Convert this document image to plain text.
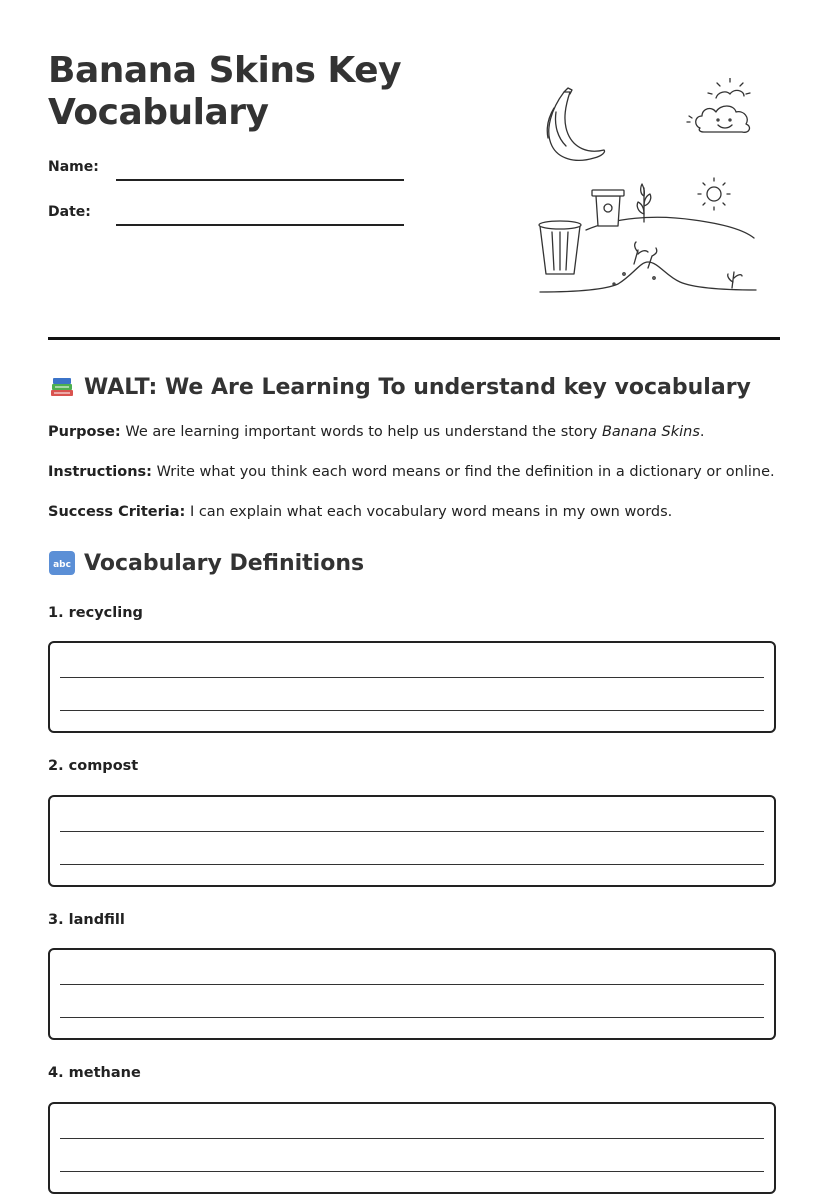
Banana Skins Key Vocabulary
Name:
Date:
WALT: We Are Learning To understand key vocabulary
Purpose: We are learning important words to help us understand the story Banana Skins.
Instructions: Write what you think each word means or find the definition in a dictionary or online.
Success Criteria: I can explain what each vocabulary word means in my own words.
abc Vocabulary Definitions
1. recycling
2. compost
3. landfill
4. methane
